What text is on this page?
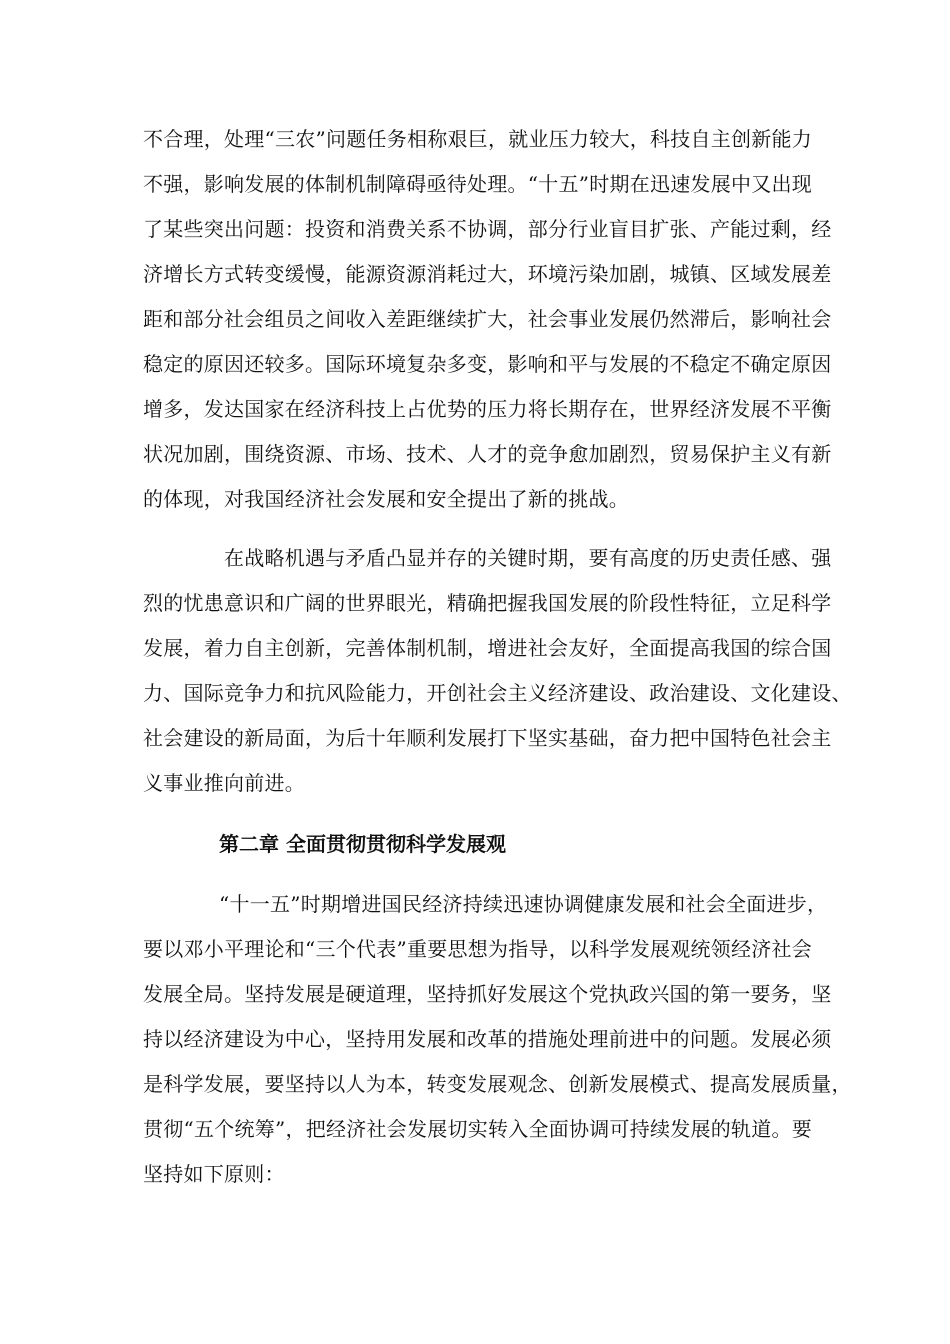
不合理，处理“三农”问题任务相称艰巨，就业压力较大，科技自主创新能力
不强，影响发展的体制机制障碍亟待处理。“十五”时期在迅速发展中又出现
了某些突出问题：投资和消费关系不协调，部分行业盲目扩张、产能过剩，经
济增长方式转变缓慢，能源资源消耗过大，环境污染加剧，城镇、区域发展差
距和部分社会组员之间收入差距继续扩大，社会事业发展仍然滞后，影响社会
稳定的原因还较多。国际环境复杂多变，影响和平与发展的不稳定不确定原因
增多，发达国家在经济科技上占优势的压力将长期存在，世界经济发展不平衡
状况加剧，围绕资源、市场、技术、人才的竞争愈加剧烈，贸易保护主义有新
的体现，对我国经济社会发展和安全提出了新的挑战。
在战略机遇与矛盾凸显并存的关键时期，要有高度的历史责任感、强
烈的忧患意识和广阔的世界眼光，精确把握我国发展的阶段性特征，立足科学
发展，着力自主创新，完善体制机制，增进社会友好，全面提高我国的综合国
力、国际竞争力和抗风险能力，开创社会主义经济建设、政治建设、文化建设、
社会建设的新局面，为后十年顺利发展打下坚实基础，奋力把中国特色社会主
义事业推向前进。
第二章 全面贯彻贯彻科学发展观
“十一五”时期增进国民经济持续迅速协调健康发展和社会全面进步，
要以邓小平理论和“三个代表”重要思想为指导，以科学发展观统领经济社会
发展全局。坚持发展是硬道理，坚持抓好发展这个党执政兴国的第一要务，坚
持以经济建设为中心，坚持用发展和改革的措施处理前进中的问题。发展必须
是科学发展，要坚持以人为本，转变发展观念、创新发展模式、提高发展质量，
贯彻“五个统筹”，把经济社会发展切实转入全面协调可持续发展的轨道。要
坚持如下原则：
